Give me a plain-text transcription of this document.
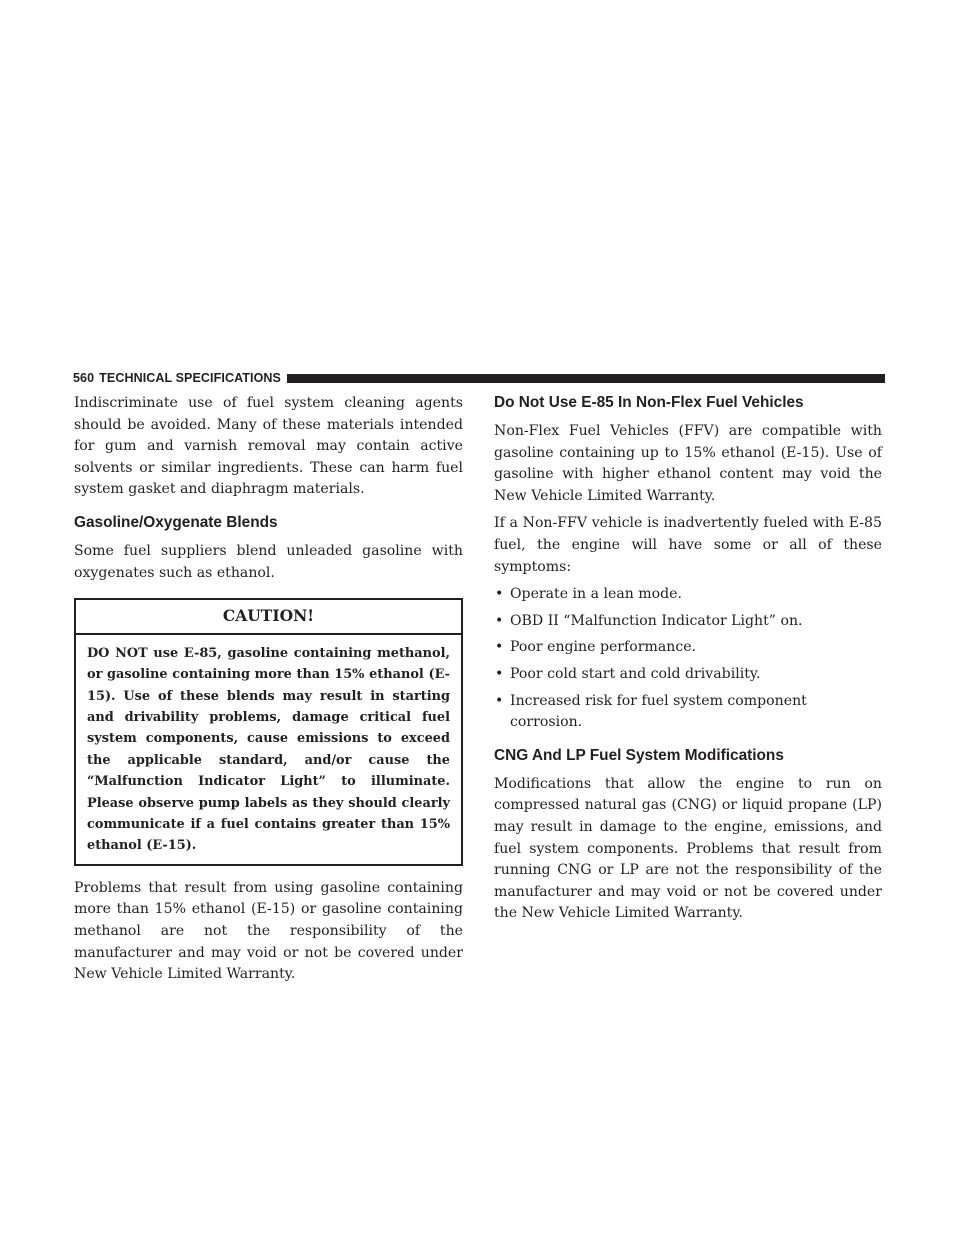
560 TECHNICAL SPECIFICATIONS

Indiscriminate use of fuel system cleaning agents should be avoided. Many of these materials intended for gum and varnish removal may contain active solvents or similar ingredients. These can harm fuel system gasket and diaphragm materials.

Gasoline/Oxygenate Blends

Some fuel suppliers blend unleaded gasoline with oxygenates such as ethanol.

CAUTION!
DO NOT use E-85, gasoline containing methanol, or gasoline containing more than 15% ethanol (E-15). Use of these blends may result in starting and drivability problems, damage critical fuel system components, cause emissions to exceed the applicable standard, and/or cause the “Malfunction Indicator Light” to illuminate. Please observe pump labels as they should clearly communicate if a fuel contains greater than 15% ethanol (E-15).

Problems that result from using gasoline containing more than 15% ethanol (E-15) or gasoline containing methanol are not the responsibility of the manufacturer and may void or not be covered under New Vehicle Limited Warranty.

Do Not Use E-85 In Non-Flex Fuel Vehicles

Non-Flex Fuel Vehicles (FFV) are compatible with gasoline containing up to 15% ethanol (E-15). Use of gasoline with higher ethanol content may void the New Vehicle Limited Warranty.

If a Non-FFV vehicle is inadvertently fueled with E-85 fuel, the engine will have some or all of these symptoms:

• Operate in a lean mode.
• OBD II “Malfunction Indicator Light” on.
• Poor engine performance.
• Poor cold start and cold drivability.
• Increased risk for fuel system component corrosion.
CNG And LP Fuel System Modifications

Modifications that allow the engine to run on compressed natural gas (CNG) or liquid propane (LP) may result in damage to the engine, emissions, and fuel system components. Problems that result from running CNG or LP are not the responsibility of the manufacturer and may void or not be covered under the New Vehicle Limited Warranty.
